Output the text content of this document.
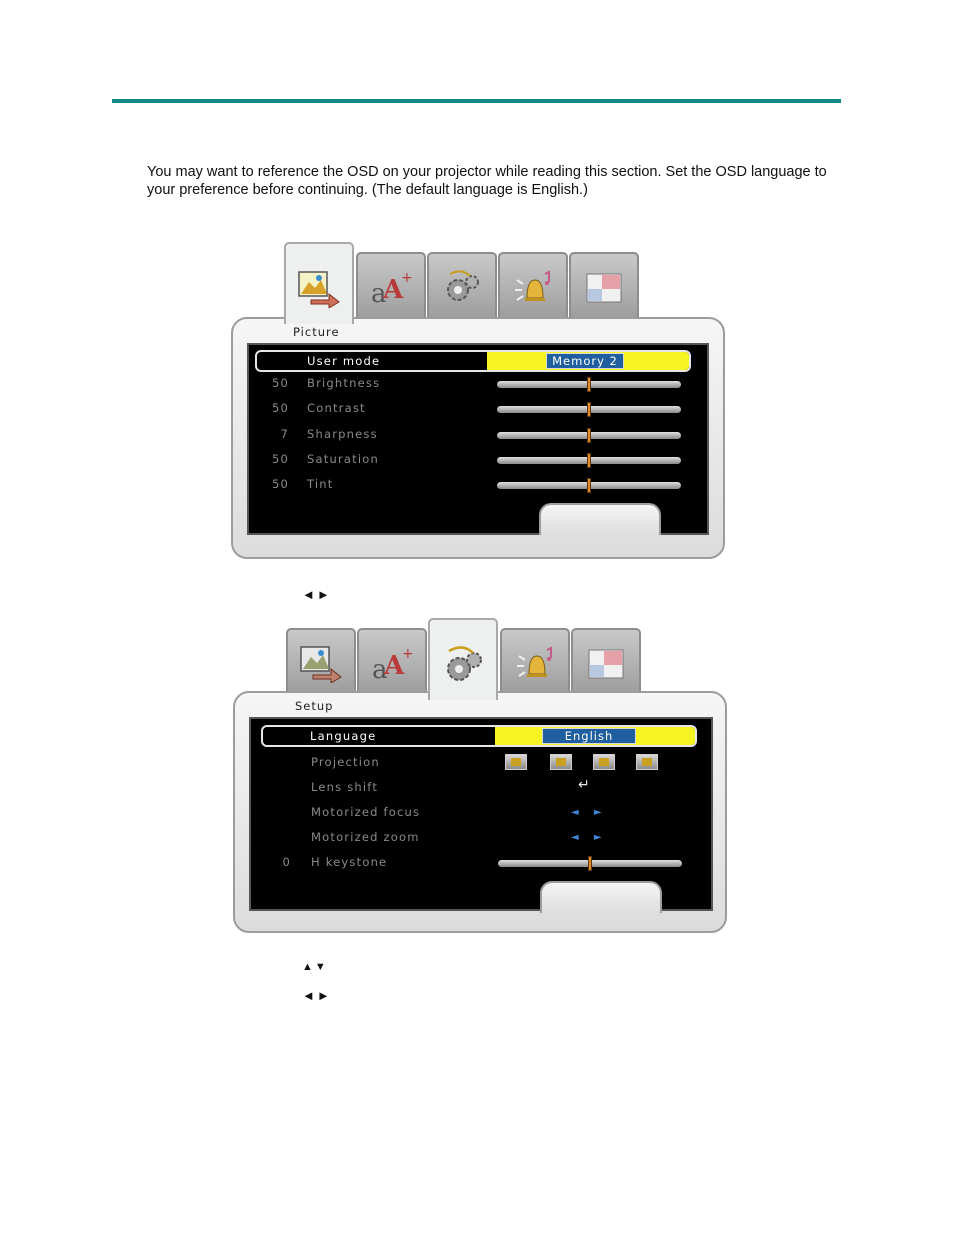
You may want to reference the OSD on your projector while reading this section. Set the OSD language to your preference before continuing. (The default language is English.)

a
A
+
Picture
User mode	Memory 2
50 Brightness
50 Contrast
7 Sharpness
50 Saturation
50 Tint
◄►
a
A
+
Setup
Language	English
Projection
Lens shift	↵
Motorized focus	◄ ►
Motorized zoom	◄ ►
0 H keystone
▲▼
◄►
